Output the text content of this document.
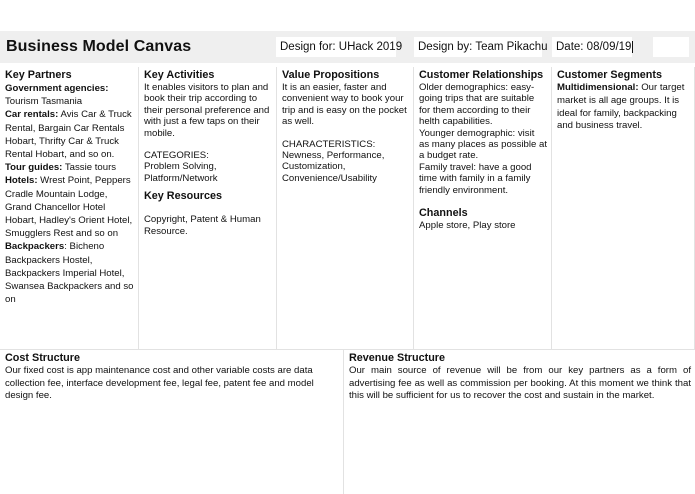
Business Model Canvas	Design for: UHack 2019	Design by: Team Pikachu Date: 08/09/19
Key Partners
Government agencies:
Tourism Tasmania
Car rentals: Avis Car & Truck Rental, Bargain Car Rentals Hobart, Thrifty Car & Truck Rental Hobart, and so on.
Tour guides: Tassie tours
Hotels: Wrest Point, Peppers Cradle Mountain Lodge, Grand Chancellor Hotel Hobart, Hadley's Orient Hotel, Smugglers Rest and so on
Backpackers: Bicheno Backpackers Hostel, Backpackers Imperial Hotel, Swansea Backpackers and so on
Key Activities
It enables visitors to plan and book their trip according to their personal preference and with just a few taps on their mobile.
CATEGORIES:
Problem Solving, Platform/Network
Key Resources
Copyright, Patent & Human Resource.
Value Propositions
It is an easier, faster and convenient way to book your trip and is easy on the pocket as well.
CHARACTERISTICS:
Newness, Performance, Customization, Convenience/Usability
Customer Relationships
Older demographics: easy-going trips that are suitable for them according to their helth capabilities.
Younger demographic: visit as many places as possible at a budget rate.
Family travel: have a good time with family in a family friendly environment.
Channels
Apple store, Play store
Customer Segments
Multidimensional: Our target market is all age groups. It is ideal for family, backpacking and business travel.
Cost Structure
Our fixed cost is app maintenance cost and other variable costs are data collection fee, interface development fee, legal fee, patent fee and model design fee.
Revenue Structure
Our main source of revenue will be from our key partners as a form of advertising fee as well as commission per booking. At this moment we think that this will be sufficient for us to recover the cost and sustain in the market.
